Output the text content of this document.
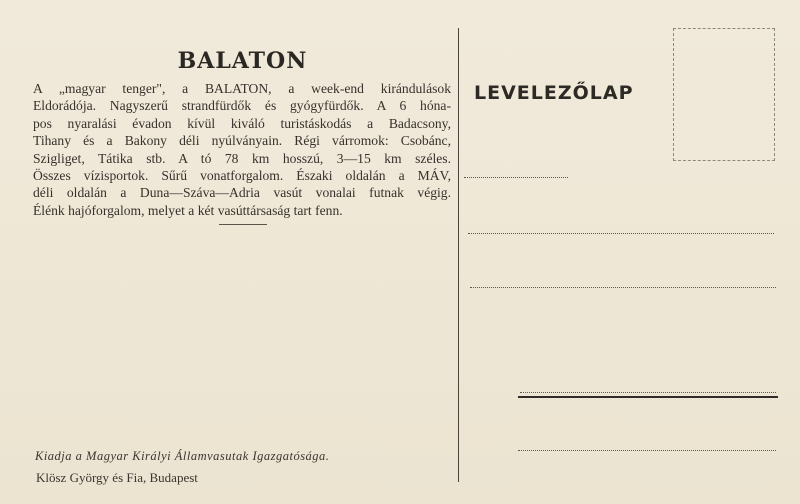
BALATON

A „magyar tenger", a BALATON, a week-end kirándulások

Eldorádója. Nagyszerű strandfürdők és gyógyfürdők. A 6 hóna-

pos nyaralási évadon kívül kiváló turistáskodás a Badacsony,

Tihany és a Bakony déli nyúlványain. Régi várromok: Csobánc,

Szigliget, Tátika stb. A tó 78 km hosszú, 3—15 km széles.

Összes vízisportok. Sűrű vonatforgalom. Északi oldalán a MÁV,

déli oldalán a Duna—Száva—Adria vasút vonalai futnak végig.

Élénk hajóforgalom, melyet a két vasúttársaság tart fenn.

Kiadja a Magyar Királyi Államvasutak Igazgatósága.
Klösz György és Fia, Budapest
LEVELEZŐLAP
